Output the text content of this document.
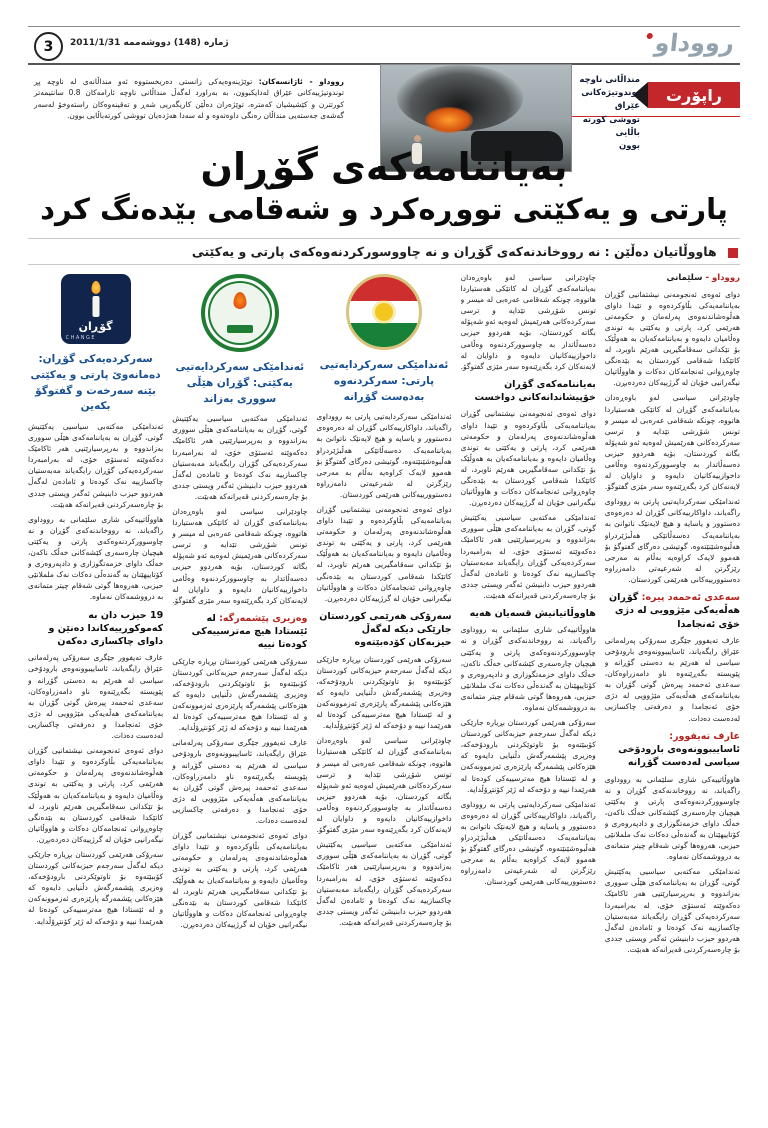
3	ژمارە (148) دووشەممە 2011/1/31	رووداو
راپۆرت
منداڵانی ناوچە
توندوتیژەکانی عێراق
تووشی کورتە باڵایی
بوون
رووداو - ئاژانسەکان: توێژینەوەیەکی زانستی دەریخستووە ئەو منداڵانەی لە ناوچە پڕ توندوتیژییەکانی عێراق لەدایکبوون، بە بەراورد لەگەڵ منداڵانی ناوچە ئارامەکان 0.8 سانتیمەتر کورتترن و کێشیشیان کەمترە، توێژەران دەڵێن کاریگەریی شەڕ و تەقینەوەکان راستەوخۆ لەسەر گەشەی جەستەیی منداڵان رەنگی داوەتەوە و لە سەدا هەژدەیان تووشی کورتەباڵایی بوون.
بەیاننامەکەی گۆڕان
پارتی و یەکێتی تووڕەکرد و شەقامی بێدەنگ کرد
هاووڵاتیان دەڵێن : نە رووخاندنەکەی گۆڕان و نە چاووسورکردنەوەکەی پارتی و یەکێتی

رووداو - سلێمانی

دوای ئەوەی ئەنجومەنی نیشتمانیی گۆڕان بەیاننامەیەکی بڵاوکردەوە و تێیدا داوای هەڵوەشاندنەوەی پەرلەمان و حکومەتی هەرێمی کرد، پارتی و یەکێتی بە توندی وەڵامیان دایەوە و بەیاننامەکەیان بە هەوڵێک بۆ تێکدانی سەقامگیریی هەرێم ناوبرد، لە کاتێکدا شەقامی کوردستان بە بێدەنگی چاوەڕوانی ئەنجامەکان دەکات و هاووڵاتیان نیگەرانیی خۆیان لە گرژییەکان دەردەبڕن.

چاودێرانی سیاسی لەو باوەڕەدان بەیاننامەکەی گۆڕان لە کاتێکی هەستیاردا هاتووە، چونکە شەقامی عەرەبی لە میسر و تونس شۆڕشی تێدایە و ترسی سەرکردەکانی هەرێمیش لەوەیە ئەو شەپۆلە بگاتە کوردستان، بۆیە هەردوو حیزبی دەسەڵاتدار بە چاوسوورکردنەوە وەڵامی داخوازییەکانیان دایەوە و داوایان لە لایەنەکان کرد بگەڕێنەوە سەر مێزی گفتوگۆ.

ئەندامێکی سەرکردایەتیی پارتی بە رووداوی راگەیاند، داواکارییەکانی گۆڕان لە دەرەوەی دەستوور و یاسایە و هیچ لایەنێک ناتوانێ بە بەیاننامەیەک دەسەڵاتێکی هەڵبژێردراو هەڵبوەشێنێتەوە، گوتیشی دەرگای گفتوگۆ بۆ هەموو لایەک کراوەیە بەڵام بە مەرجی رێزگرتن لە شەرعیەتی دامەزراوە دەستوورییەکانی هەرێمی کوردستان.

سەعدی ئەحمەد پیرە: گۆڕان هەڵەیەکی مێژوویی لە دژی خۆی ئەنجامدا

عارف تەیفوور جێگری سەرۆکی پەرلەمانی عێراق رایگەیاند، ئاساییبوونەوەی بارودۆخی سیاسی لە هەرێم بە دەستی گۆڕانە و پێویستە بگەڕێنەوە ناو دامەزراوەکان، سەعدی ئەحمەد پیرەش گوتی گۆڕان بە بەیاننامەکەی هەڵەیەکی مێژوویی لە دژی خۆی ئەنجامدا و دەرفەتی چاکسازیی لەدەست دەدات.

عارف تەیفوور: ئاساییبوونەوەی بارودۆخی سیاسی لەدەست گۆڕانە

هاووڵاتییەکی شاری سلێمانی بە رووداوی راگەیاند، نە رووخاندنەکەی گۆڕان و نە چاوسوورکردنەوەکەی پارتی و یەکێتی هیچیان چارەسەری کێشەکانی خەڵک ناکەن، خەڵک داوای خزمەتگوزاری و دادپەروەری و کۆتاییهێنان بە گەندەڵی دەکات نەک ململانێی حیزبی، هەروەها گوتی شەقام چیتر متمانەی بە درووشمەکان نەماوە.

ئەندامێکی مەکتەبی سیاسیی یەکێتیش گوتی، گۆڕان بە بەیاننامەکەی هێڵی سووری بەزاندووە و بەرپرسیارێتیی هەر ئاکامێک دەکەوێتە ئەستۆی خۆی، لە بەرامبەردا سەرکردەیەکی گۆڕان رایگەیاند مەبەستیان چاکسازییە نەک کودەتا و ئامادەن لەگەڵ هەردوو حیزب دابنیشن ئەگەر ویستی جددی بۆ چارەسەرکردنی قەیرانەکە هەبێت.

چاودێرانی سیاسی لەو باوەڕەدان بەیاننامەکەی گۆڕان لە کاتێکی هەستیاردا هاتووە، چونکە شەقامی عەرەبی لە میسر و تونس شۆڕشی تێدایە و ترسی سەرکردەکانی هەرێمیش لەوەیە ئەو شەپۆلە بگاتە کوردستان، بۆیە هەردوو حیزبی دەسەڵاتدار بە چاوسوورکردنەوە وەڵامی داخوازییەکانیان دایەوە و داوایان لە لایەنەکان کرد بگەڕێنەوە سەر مێزی گفتوگۆ.

بەیاننامەکەی گۆڕان خۆپیشاندانەکانی دواخست

دوای ئەوەی ئەنجومەنی نیشتمانیی گۆڕان بەیاننامەیەکی بڵاوکردەوە و تێیدا داوای هەڵوەشاندنەوەی پەرلەمان و حکومەتی هەرێمی کرد، پارتی و یەکێتی بە توندی وەڵامیان دایەوە و بەیاننامەکەیان بە هەوڵێک بۆ تێکدانی سەقامگیریی هەرێم ناوبرد، لە کاتێکدا شەقامی کوردستان بە بێدەنگی چاوەڕوانی ئەنجامەکان دەکات و هاووڵاتیان نیگەرانیی خۆیان لە گرژییەکان دەردەبڕن.

ئەندامێکی مەکتەبی سیاسیی یەکێتیش گوتی، گۆڕان بە بەیاننامەکەی هێڵی سووری بەزاندووە و بەرپرسیارێتیی هەر ئاکامێک دەکەوێتە ئەستۆی خۆی، لە بەرامبەردا سەرکردەیەکی گۆڕان رایگەیاند مەبەستیان چاکسازییە نەک کودەتا و ئامادەن لەگەڵ هەردوو حیزب دابنیشن ئەگەر ویستی جددی بۆ چارەسەرکردنی قەیرانەکە هەبێت.

هاووڵاتیانیش قسەیان هەیە

هاووڵاتییەکی شاری سلێمانی بە رووداوی راگەیاند، نە رووخاندنەکەی گۆڕان و نە چاوسوورکردنەوەکەی پارتی و یەکێتی هیچیان چارەسەری کێشەکانی خەڵک ناکەن، خەڵک داوای خزمەتگوزاری و دادپەروەری و کۆتاییهێنان بە گەندەڵی دەکات نەک ململانێی حیزبی، هەروەها گوتی شەقام چیتر متمانەی بە درووشمەکان نەماوە.

سەرۆکی هەرێمی کوردستان بڕیارە جارێکی دیکە لەگەڵ سەرجەم حیزبەکانی کوردستان کۆببێتەوە بۆ تاوتوێکردنی بارودۆخەکە، وەزیری پێشمەرگەش دڵنیایی دایەوە کە هێزەکانی پێشمەرگە پارێزەری ئەزموونەکەن و لە ئێستادا هیچ مەترسییەکی کودەتا لە هەرێمدا نییە و دۆخەکە لە ژێر کۆنتڕۆڵدایە.

ئەندامێکی سەرکردایەتیی پارتی بە رووداوی راگەیاند، داواکارییەکانی گۆڕان لە دەرەوەی دەستوور و یاسایە و هیچ لایەنێک ناتوانێ بە بەیاننامەیەک دەسەڵاتێکی هەڵبژێردراو هەڵبوەشێنێتەوە، گوتیشی دەرگای گفتوگۆ بۆ هەموو لایەک کراوەیە بەڵام بە مەرجی رێزگرتن لە شەرعیەتی دامەزراوە دەستوورییەکانی هەرێمی کوردستان.

ئەندامێکی سەرکردایەتیی پارتی: سەرکردنەوە بەدەست گۆڕانە

ئەندامێکی سەرکردایەتیی پارتی بە رووداوی راگەیاند، داواکارییەکانی گۆڕان لە دەرەوەی دەستوور و یاسایە و هیچ لایەنێک ناتوانێ بە بەیاننامەیەک دەسەڵاتێکی هەڵبژێردراو هەڵبوەشێنێتەوە، گوتیشی دەرگای گفتوگۆ بۆ هەموو لایەک کراوەیە بەڵام بە مەرجی رێزگرتن لە شەرعیەتی دامەزراوە دەستوورییەکانی هەرێمی کوردستان.

دوای ئەوەی ئەنجومەنی نیشتمانیی گۆڕان بەیاننامەیەکی بڵاوکردەوە و تێیدا داوای هەڵوەشاندنەوەی پەرلەمان و حکومەتی هەرێمی کرد، پارتی و یەکێتی بە توندی وەڵامیان دایەوە و بەیاننامەکەیان بە هەوڵێک بۆ تێکدانی سەقامگیریی هەرێم ناوبرد، لە کاتێکدا شەقامی کوردستان بە بێدەنگی چاوەڕوانی ئەنجامەکان دەکات و هاووڵاتیان نیگەرانیی خۆیان لە گرژییەکان دەردەبڕن.

سەرۆکی هەرێمی کوردستان جارێکی دیکە لەگەڵ حیزبەکان کۆدەبێتەوە

سەرۆکی هەرێمی کوردستان بڕیارە جارێکی دیکە لەگەڵ سەرجەم حیزبەکانی کوردستان کۆببێتەوە بۆ تاوتوێکردنی بارودۆخەکە، وەزیری پێشمەرگەش دڵنیایی دایەوە کە هێزەکانی پێشمەرگە پارێزەری ئەزموونەکەن و لە ئێستادا هیچ مەترسییەکی کودەتا لە هەرێمدا نییە و دۆخەکە لە ژێر کۆنتڕۆڵدایە.

چاودێرانی سیاسی لەو باوەڕەدان بەیاننامەکەی گۆڕان لە کاتێکی هەستیاردا هاتووە، چونکە شەقامی عەرەبی لە میسر و تونس شۆڕشی تێدایە و ترسی سەرکردەکانی هەرێمیش لەوەیە ئەو شەپۆلە بگاتە کوردستان، بۆیە هەردوو حیزبی دەسەڵاتدار بە چاوسوورکردنەوە وەڵامی داخوازییەکانیان دایەوە و داوایان لە لایەنەکان کرد بگەڕێنەوە سەر مێزی گفتوگۆ.

ئەندامێکی مەکتەبی سیاسیی یەکێتیش گوتی، گۆڕان بە بەیاننامەکەی هێڵی سووری بەزاندووە و بەرپرسیارێتیی هەر ئاکامێک دەکەوێتە ئەستۆی خۆی، لە بەرامبەردا سەرکردەیەکی گۆڕان رایگەیاند مەبەستیان چاکسازییە نەک کودەتا و ئامادەن لەگەڵ هەردوو حیزب دابنیشن ئەگەر ویستی جددی بۆ چارەسەرکردنی قەیرانەکە هەبێت.

ئەندامێکی سەرکردایەتیی یەکێتی: گۆڕان هێڵی سووری بەزاند

ئەندامێکی مەکتەبی سیاسیی یەکێتیش گوتی، گۆڕان بە بەیاننامەکەی هێڵی سووری بەزاندووە و بەرپرسیارێتیی هەر ئاکامێک دەکەوێتە ئەستۆی خۆی، لە بەرامبەردا سەرکردەیەکی گۆڕان رایگەیاند مەبەستیان چاکسازییە نەک کودەتا و ئامادەن لەگەڵ هەردوو حیزب دابنیشن ئەگەر ویستی جددی بۆ چارەسەرکردنی قەیرانەکە هەبێت.

چاودێرانی سیاسی لەو باوەڕەدان بەیاننامەکەی گۆڕان لە کاتێکی هەستیاردا هاتووە، چونکە شەقامی عەرەبی لە میسر و تونس شۆڕشی تێدایە و ترسی سەرکردەکانی هەرێمیش لەوەیە ئەو شەپۆلە بگاتە کوردستان، بۆیە هەردوو حیزبی دەسەڵاتدار بە چاوسوورکردنەوە وەڵامی داخوازییەکانیان دایەوە و داوایان لە لایەنەکان کرد بگەڕێنەوە سەر مێزی گفتوگۆ.

وەزیری پێشمەرگە: لە ئێستادا هیچ مەترسییەکی کودەتا نییە

سەرۆکی هەرێمی کوردستان بڕیارە جارێکی دیکە لەگەڵ سەرجەم حیزبەکانی کوردستان کۆببێتەوە بۆ تاوتوێکردنی بارودۆخەکە، وەزیری پێشمەرگەش دڵنیایی دایەوە کە هێزەکانی پێشمەرگە پارێزەری ئەزموونەکەن و لە ئێستادا هیچ مەترسییەکی کودەتا لە هەرێمدا نییە و دۆخەکە لە ژێر کۆنتڕۆڵدایە.

عارف تەیفوور جێگری سەرۆکی پەرلەمانی عێراق رایگەیاند، ئاساییبوونەوەی بارودۆخی سیاسی لە هەرێم بە دەستی گۆڕانە و پێویستە بگەڕێنەوە ناو دامەزراوەکان، سەعدی ئەحمەد پیرەش گوتی گۆڕان بە بەیاننامەکەی هەڵەیەکی مێژوویی لە دژی خۆی ئەنجامدا و دەرفەتی چاکسازیی لەدەست دەدات.

دوای ئەوەی ئەنجومەنی نیشتمانیی گۆڕان بەیاننامەیەکی بڵاوکردەوە و تێیدا داوای هەڵوەشاندنەوەی پەرلەمان و حکومەتی هەرێمی کرد، پارتی و یەکێتی بە توندی وەڵامیان دایەوە و بەیاننامەکەیان بە هەوڵێک بۆ تێکدانی سەقامگیریی هەرێم ناوبرد، لە کاتێکدا شەقامی کوردستان بە بێدەنگی چاوەڕوانی ئەنجامەکان دەکات و هاووڵاتیان نیگەرانیی خۆیان لە گرژییەکان دەردەبڕن.

گۆڕان
CHANGE
سەرکردەیەکی گۆڕان: دەمانەوێ پارتی و یەکێتی بێنە سەرخەت و گفتوگۆ بکەین

ئەندامێکی مەکتەبی سیاسیی یەکێتیش گوتی، گۆڕان بە بەیاننامەکەی هێڵی سووری بەزاندووە و بەرپرسیارێتیی هەر ئاکامێک دەکەوێتە ئەستۆی خۆی، لە بەرامبەردا سەرکردەیەکی گۆڕان رایگەیاند مەبەستیان چاکسازییە نەک کودەتا و ئامادەن لەگەڵ هەردوو حیزب دابنیشن ئەگەر ویستی جددی بۆ چارەسەرکردنی قەیرانەکە هەبێت.

هاووڵاتییەکی شاری سلێمانی بە رووداوی راگەیاند، نە رووخاندنەکەی گۆڕان و نە چاوسوورکردنەوەکەی پارتی و یەکێتی هیچیان چارەسەری کێشەکانی خەڵک ناکەن، خەڵک داوای خزمەتگوزاری و دادپەروەری و کۆتاییهێنان بە گەندەڵی دەکات نەک ململانێی حیزبی، هەروەها گوتی شەقام چیتر متمانەی بە درووشمەکان نەماوە.

19 حیزب دان بە کەموکوڕییەکاندا دەنێن و داوای چاکسازی دەکەن

عارف تەیفوور جێگری سەرۆکی پەرلەمانی عێراق رایگەیاند، ئاساییبوونەوەی بارودۆخی سیاسی لە هەرێم بە دەستی گۆڕانە و پێویستە بگەڕێنەوە ناو دامەزراوەکان، سەعدی ئەحمەد پیرەش گوتی گۆڕان بە بەیاننامەکەی هەڵەیەکی مێژوویی لە دژی خۆی ئەنجامدا و دەرفەتی چاکسازیی لەدەست دەدات.

دوای ئەوەی ئەنجومەنی نیشتمانیی گۆڕان بەیاننامەیەکی بڵاوکردەوە و تێیدا داوای هەڵوەشاندنەوەی پەرلەمان و حکومەتی هەرێمی کرد، پارتی و یەکێتی بە توندی وەڵامیان دایەوە و بەیاننامەکەیان بە هەوڵێک بۆ تێکدانی سەقامگیریی هەرێم ناوبرد، لە کاتێکدا شەقامی کوردستان بە بێدەنگی چاوەڕوانی ئەنجامەکان دەکات و هاووڵاتیان نیگەرانیی خۆیان لە گرژییەکان دەردەبڕن.

سەرۆکی هەرێمی کوردستان بڕیارە جارێکی دیکە لەگەڵ سەرجەم حیزبەکانی کوردستان کۆببێتەوە بۆ تاوتوێکردنی بارودۆخەکە، وەزیری پێشمەرگەش دڵنیایی دایەوە کە هێزەکانی پێشمەرگە پارێزەری ئەزموونەکەن و لە ئێستادا هیچ مەترسییەکی کودەتا لە هەرێمدا نییە و دۆخەکە لە ژێر کۆنتڕۆڵدایە.
